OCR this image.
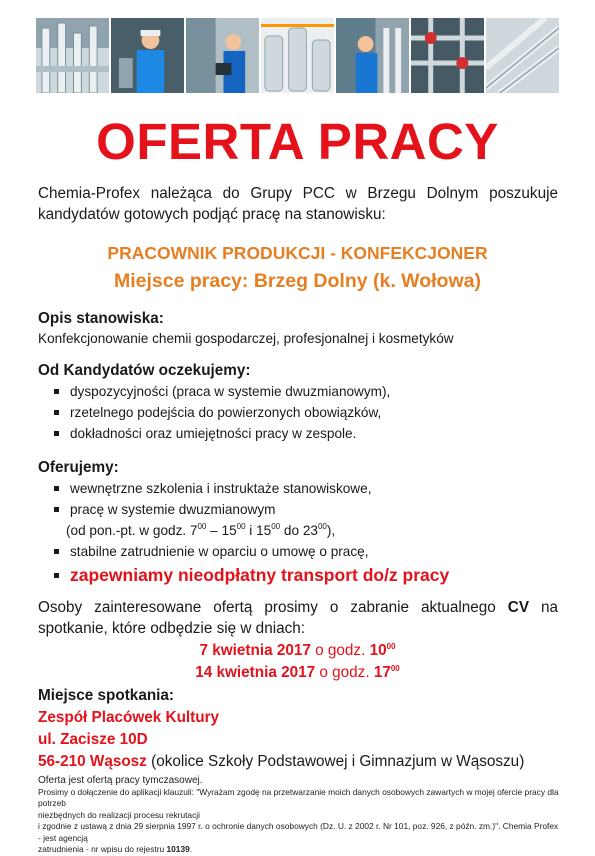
OFERTA PRACY
Chemia-Profex należąca do Grupy PCC w Brzegu Dolnym poszukuje
kandydatów gotowych podjąć pracę na stanowisku:
PRACOWNIK PRODUKCJI - KONFEKCJONER
Miejsce pracy: Brzeg Dolny (k. Wołowa)
Opis stanowiska:
Konfekcjonowanie chemii gospodarczej, profesjonalnej i kosmetyków
Od Kandydatów oczekujemy:
dyspozycyjności (praca w systemie dwuzmianowym),
rzetelnego podejścia do powierzonych obowiązków,
dokładności oraz umiejętności pracy w zespole.
Oferujemy:
wewnętrzne szkolenia i instruktaże stanowiskowe,
pracę w systemie dwuzmianowym
(od pon.-pt. w godz. $7^{00} - 15^{00}$ i $15^{00}$ do $23^{00}$),
stabilne zatrudnienie w oparciu o umowę o pracę,
zapewniamy nieodpłatny transport do/z pracy
Osoby zainteresowane ofertą prosimy o zabranie aktualnego CV na
spotkanie, które odbędzie się w dniach:
7 kwietnia 2017 o godz. $10^{00}$
14 kwietnia 2017 o godz. $17^{00}$
Miejsce spotkania:
Zespół Placówek Kultury
ul. Zacisze 10D
56-210 Wąsosz (okolice Szkoły Podstawowej i Gimnazjum w Wąsoszu)
Oferta jest ofertą pracy tymczasowej.
Prosimy o dołączenie do aplikacji klauzuli: "Wyrażam zgodę na przetwarzanie moich danych osobowych zawartych w mojej ofercie pracy dla potrzeb
niezbędnych do realizacji procesu rekrutacji
i zgodnie z ustawą z dnia 29 sierpnia 1997 r. o ochronie danych osobowych (Dz. U. z 2002 r. Nr 101, poz. 926, z późn. zm.)". Chemia Profex - jest agencją
zatrudnienia - nr wpisu do rejestru 10139.
